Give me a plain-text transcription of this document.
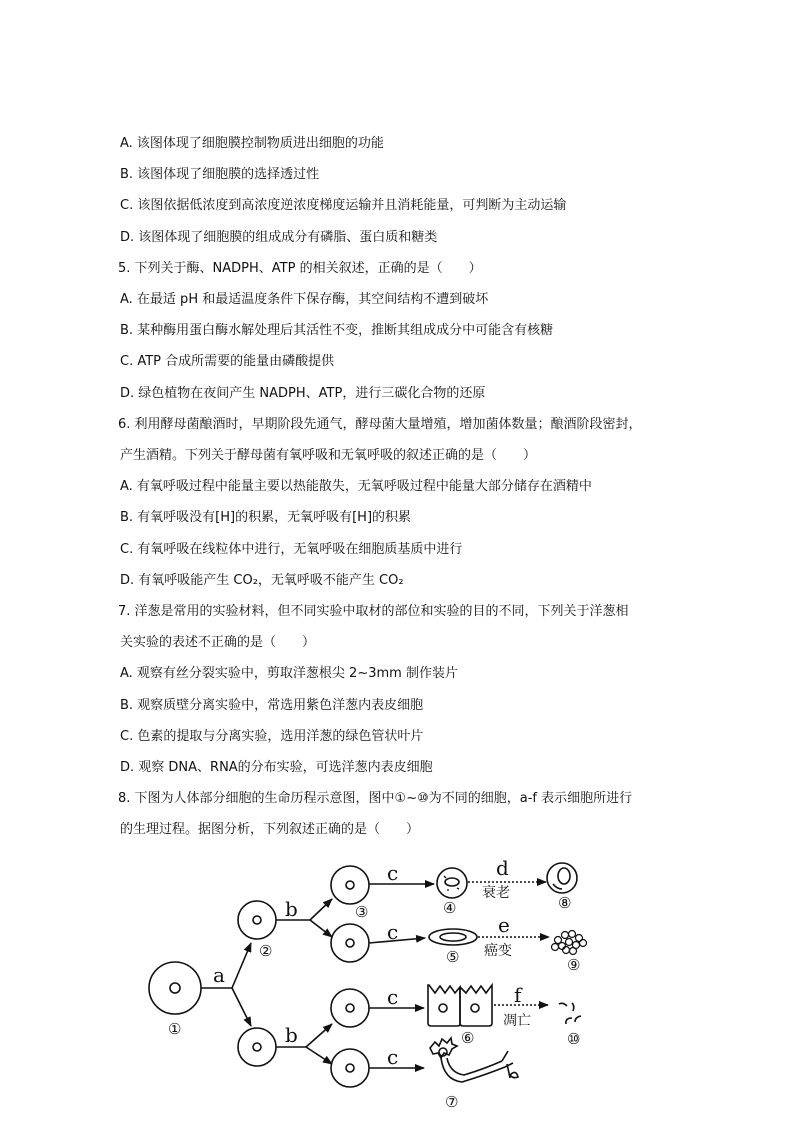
A. 该图体现了细胞膜控制物质进出细胞的功能
B. 该图体现了细胞膜的选择透过性
C. 该图依据低浓度到高浓度逆浓度梯度运输并且消耗能量，可判断为主动运输
D. 该图体现了细胞膜的组成成分有磷脂、蛋白质和糖类
5. 下列关于酶、NADPH、ATP 的相关叙述，正确的是（　　）
A. 在最适 pH 和最适温度条件下保存酶，其空间结构不遭到破坏
B. 某种酶用蛋白酶水解处理后其活性不变，推断其组成成分中可能含有核糖
C. ATP 合成所需要的能量由磷酸提供
D. 绿色植物在夜间产生 NADPH、ATP，进行三碳化合物的还原
6. 利用酵母菌酿酒时，早期阶段先通气，酵母菌大量增殖，增加菌体数量；酿酒阶段密封，
产生酒精。下列关于酵母菌有氧呼吸和无氧呼吸的叙述正确的是（　　）
A. 有氧呼吸过程中能量主要以热能散失，无氧呼吸过程中能量大部分储存在酒精中
B. 有氧呼吸没有[H]的积累，无氧呼吸有[H]的积累
C. 有氧呼吸在线粒体中进行，无氧呼吸在细胞质基质中进行
D. 有氧呼吸能产生 CO₂，无氧呼吸不能产生 CO₂
7. 洋葱是常用的实验材料，但不同实验中取材的部位和实验的目的不同，下列关于洋葱相
关实验的表述不正确的是（　　）
A. 观察有丝分裂实验中，剪取洋葱根尖 2~3mm 制作装片
B. 观察质壁分离实验中，常选用紫色洋葱内表皮细胞
C. 色素的提取与分离实验，选用洋葱的绿色管状叶片
D. 观察 DNA、RNA的分布实验，可选洋葱内表皮细胞
8. 下图为人体部分细胞的生命历程示意图，图中①~⑩为不同的细胞，a-f 表示细胞所进行
的生理过程。据图分析，下列叙述正确的是（　　）
a
b
b
c
c
c
c
d
e
f
衰老
癌变
凋亡
①
②
③	④
⑤
⑥
⑦
⑧
⑨
⑩
